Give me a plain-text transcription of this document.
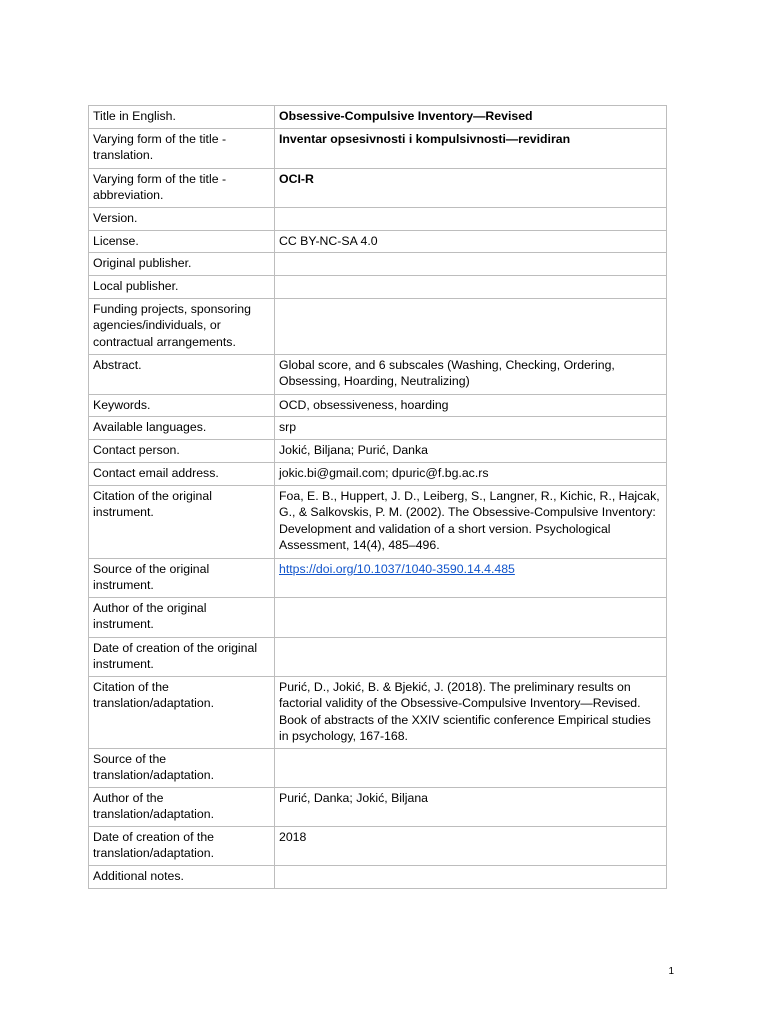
Title in English.	Obsessive-Compulsive Inventory—Revised
Varying form of the title - translation.	Inventar opsesivnosti i kompulsivnosti—revidiran
Varying form of the title - abbreviation.	OCI-R
Version.	
License.	CC BY-NC-SA 4.0
Original publisher.	
Local publisher.	
Funding projects, sponsoring agencies/individuals, or contractual arrangements.	
Abstract.	Global score, and 6 subscales (Washing, Checking, Ordering, Obsessing, Hoarding, Neutralizing)
Keywords.	OCD, obsessiveness, hoarding
Available languages.	srp
Contact person.	Jokić, Biljana; Purić, Danka
Contact email address.	jokic.bi@gmail.com; dpuric@f.bg.ac.rs
Citation of the original instrument.	Foa, E. B., Huppert, J. D., Leiberg, S., Langner, R., Kichic, R., Hajcak, G., & Salkovskis, P. M. (2002). The Obsessive-Compulsive Inventory: Development and validation of a short version. Psychological Assessment, 14(4), 485–496.
Source of the original instrument.	https://doi.org/10.1037/1040-3590.14.4.485
Author of the original instrument.	
Date of creation of the original instrument.	
Citation of the translation/adaptation.	Purić, D., Jokić, B. & Bjekić, J. (2018). The preliminary results on factorial validity of the Obsessive-Compulsive Inventory—Revised. Book of abstracts of the XXIV scientific conference Empirical studies in psychology, 167-168.
Source of the translation/adaptation.	
Author of the translation/adaptation.	Purić, Danka; Jokić, Biljana
Date of creation of the translation/adaptation.	2018
Additional notes.	
1
